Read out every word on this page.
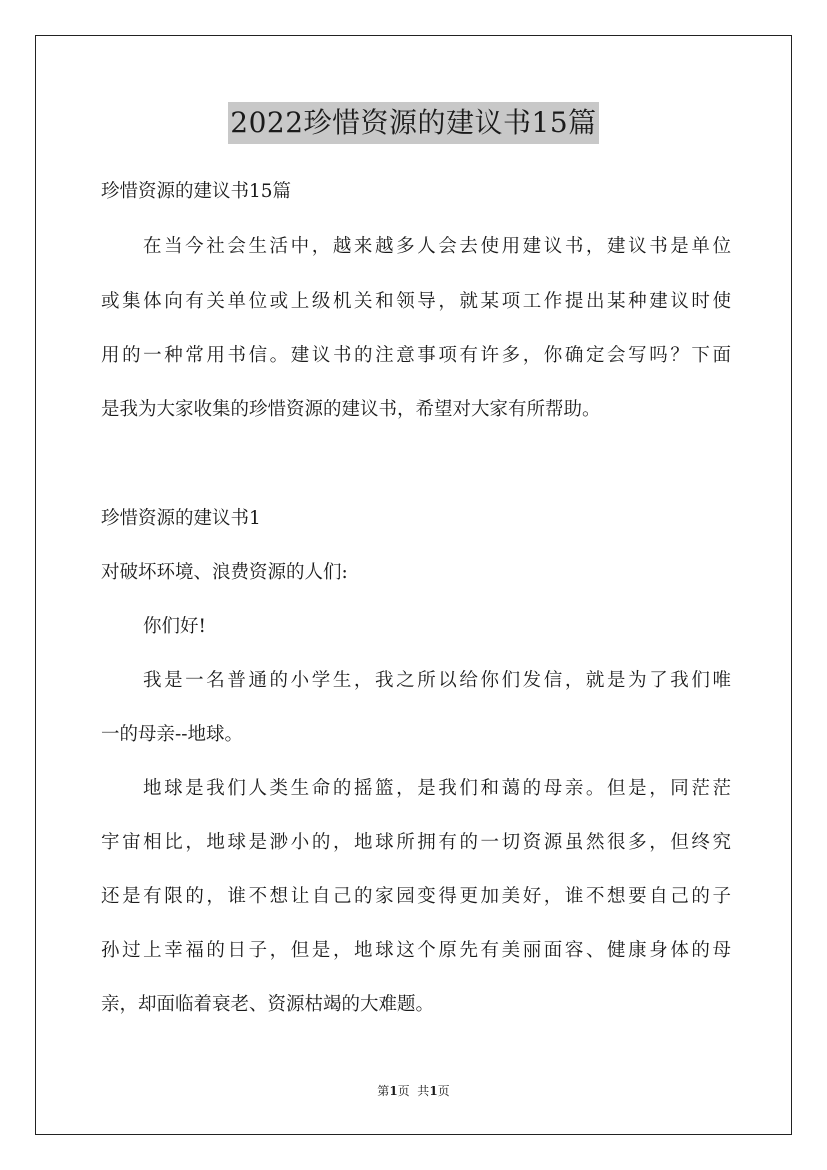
2022珍惜资源的建议书15篇
珍惜资源的建议书15篇
在当今社会生活中，越来越多人会去使用建议书，建议书是单位
或集体向有关单位或上级机关和领导，就某项工作提出某种建议时使
用的一种常用书信。建议书的注意事项有许多，你确定会写吗？下面
是我为大家收集的珍惜资源的建议书，希望对大家有所帮助。
珍惜资源的建议书1
对破坏环境、浪费资源的人们:
你们好!
我是一名普通的小学生，我之所以给你们发信，就是为了我们唯
一的母亲--地球。
地球是我们人类生命的摇篮，是我们和蔼的母亲。但是，同茫茫
宇宙相比，地球是渺小的，地球所拥有的一切资源虽然很多，但终究
还是有限的，谁不想让自己的家园变得更加美好，谁不想要自己的子
孙过上幸福的日子，但是，地球这个原先有美丽面容、健康身体的母
亲，却面临着衰老、资源枯竭的大难题。
第1页  共1页
